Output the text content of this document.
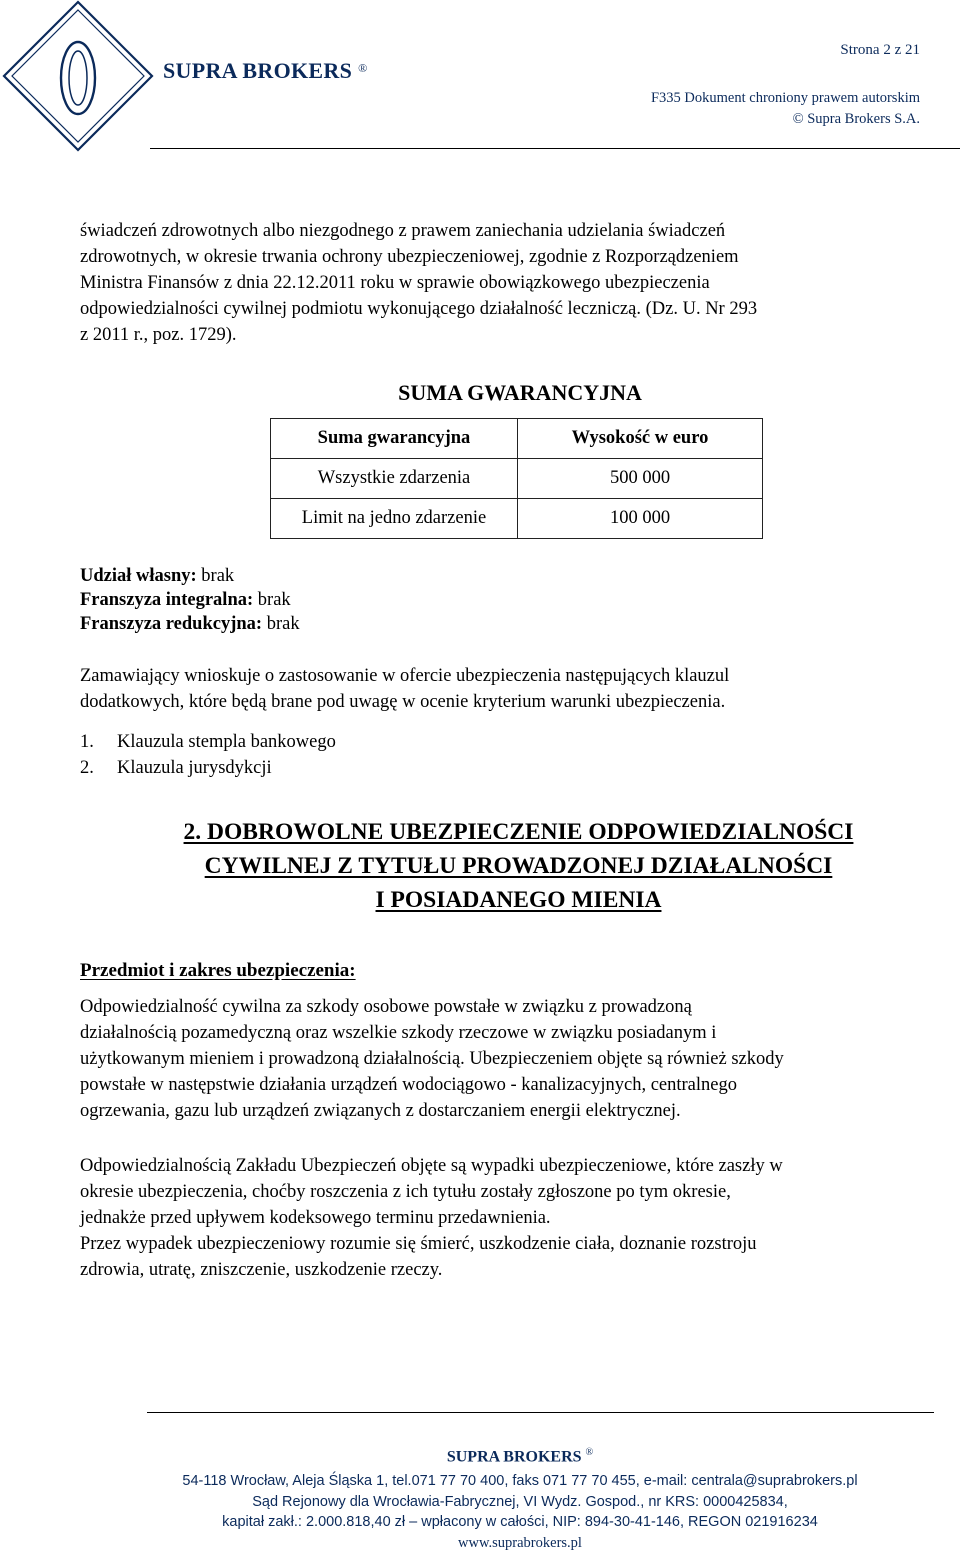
SUPRA BROKERS ®
Strona 2 z 21
F335 Dokument chroniony prawem autorskim
© Supra Brokers S.A.
świadczeń zdrowotnych albo niezgodnego z prawem zaniechania udzielania świadczeń
zdrowotnych, w okresie trwania ochrony ubezpieczeniowej, zgodnie z Rozporządzeniem
Ministra Finansów z dnia 22.12.2011 roku w sprawie obowiązkowego ubezpieczenia
odpowiedzialności cywilnej podmiotu wykonującego działalność leczniczą. (Dz. U. Nr 293
z 2011 r., poz. 1729).
SUMA GWARANCYJNA
Suma gwarancyjna	Wysokość w euro
Wszystkie zdarzenia	500 000
Limit na jedno zdarzenie	100 000
Udział własny: brak
Franszyza integralna: brak
Franszyza redukcyjna: brak
Zamawiający wnioskuje o zastosowanie w ofercie ubezpieczenia następujących klauzul
dodatkowych, które będą brane pod uwagę w ocenie kryterium warunki ubezpieczenia.
1. Klauzula stempla bankowego
2. Klauzula jurysdykcji
2. DOBROWOLNE UBEZPIECZENIE ODPOWIEDZIALNOŚCI
CYWILNEJ Z TYTUŁU PROWADZONEJ DZIAŁALNOŚCI
I POSIADANEGO MIENIA
Przedmiot i zakres ubezpieczenia:
Odpowiedzialność cywilna za szkody osobowe powstałe w związku z prowadzoną
działalnością pozamedyczną oraz wszelkie szkody rzeczowe w związku posiadanym i
użytkowanym mieniem i prowadzoną działalnością. Ubezpieczeniem objęte są również szkody
powstałe w następstwie działania urządzeń wodociągowo - kanalizacyjnych, centralnego
ogrzewania, gazu lub urządzeń związanych z dostarczaniem energii elektrycznej.
Odpowiedzialnością Zakładu Ubezpieczeń objęte są wypadki ubezpieczeniowe, które zaszły w
okresie ubezpieczenia, choćby roszczenia z ich tytułu zostały zgłoszone po tym okresie,
jednakże przed upływem kodeksowego terminu przedawnienia.
Przez wypadek ubezpieczeniowy rozumie się śmierć, uszkodzenie ciała, doznanie rozstroju
zdrowia, utratę, zniszczenie, uszkodzenie rzeczy.
SUPRA BROKERS ®
54-118 Wrocław, Aleja Śląska 1, tel.071 77 70 400, faks 071 77 70 455, e-mail: centrala@suprabrokers.pl
Sąd Rejonowy dla Wrocławia-Fabrycznej, VI Wydz. Gospod., nr KRS: 0000425834,
kapitał zakł.: 2.000.818,40 zł – wpłacony w całości, NIP: 894-30-41-146, REGON 021916234
www.suprabrokers.pl
